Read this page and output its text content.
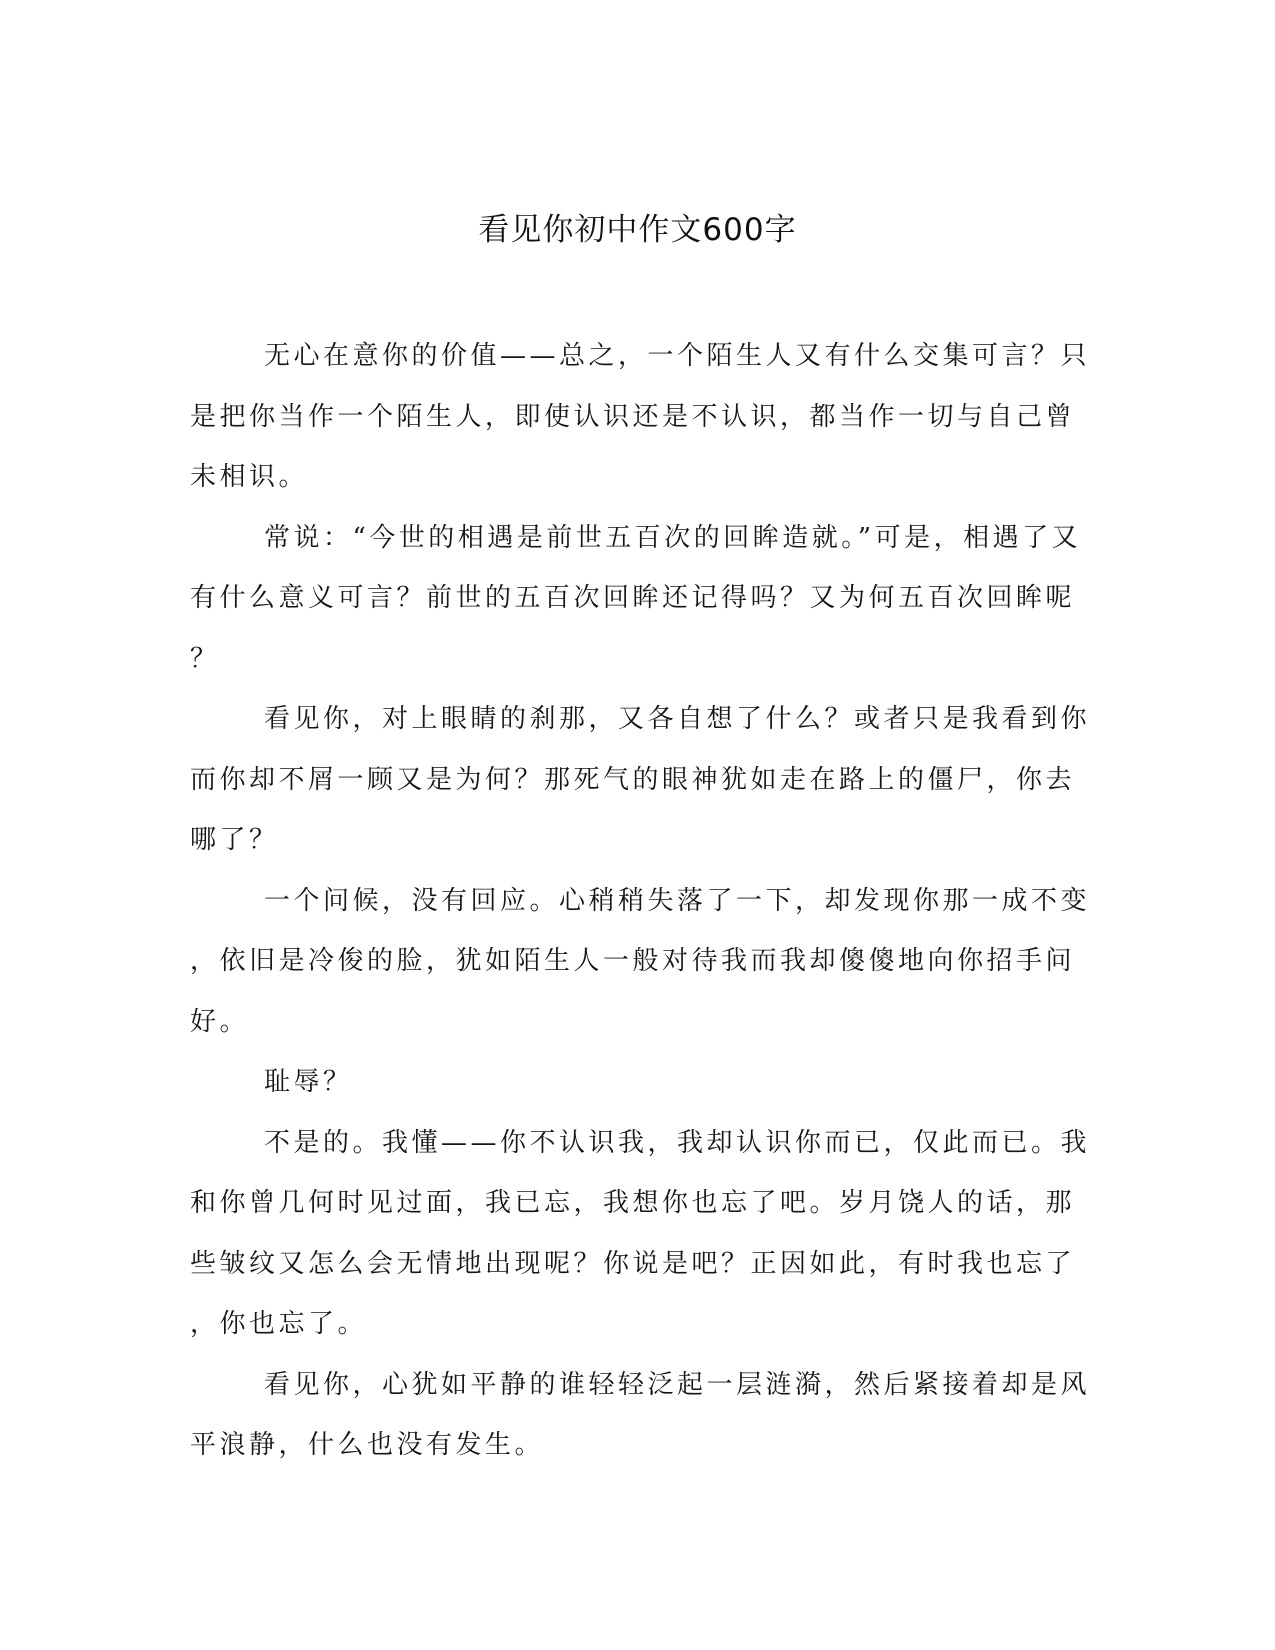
看见你初中作文600字
无心在意你的价值——总之，一个陌生人又有什么交集可言？只
是把你当作一个陌生人，即使认识还是不认识，都当作一切与自己曾
未相识。
常说：“今世的相遇是前世五百次的回眸造就。”可是，相遇了又
有什么意义可言？前世的五百次回眸还记得吗？又为何五百次回眸呢
？
看见你，对上眼睛的刹那，又各自想了什么？或者只是我看到你
而你却不屑一顾又是为何？那死气的眼神犹如走在路上的僵尸，你去
哪了？
一个问候，没有回应。心稍稍失落了一下，却发现你那一成不变
，依旧是冷俊的脸，犹如陌生人一般对待我而我却傻傻地向你招手问
好。
耻辱？
不是的。我懂——你不认识我，我却认识你而已，仅此而已。我
和你曾几何时见过面，我已忘，我想你也忘了吧。岁月饶人的话，那
些皱纹又怎么会无情地出现呢？你说是吧？正因如此，有时我也忘了
，你也忘了。
看见你，心犹如平静的谁轻轻泛起一层涟漪，然后紧接着却是风
平浪静，什么也没有发生。
